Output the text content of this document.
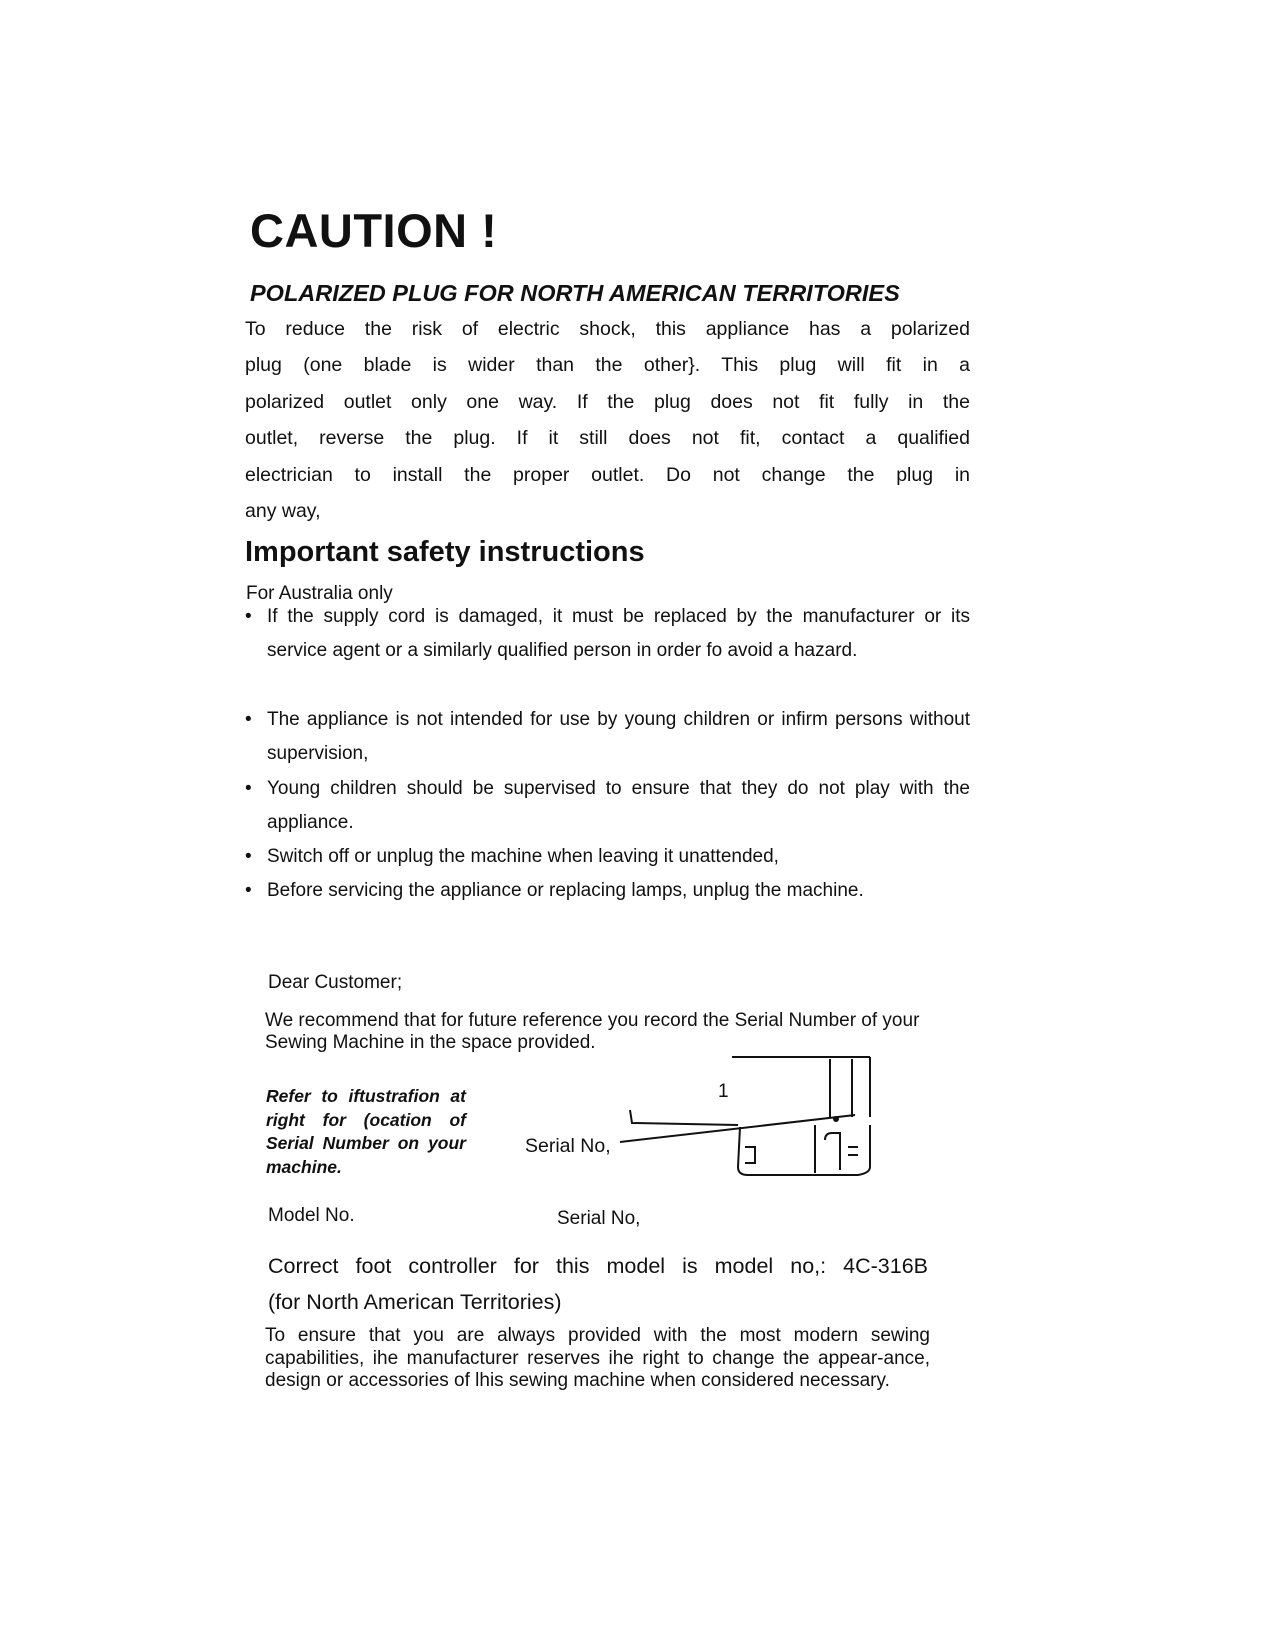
CAUTION !
POLARIZED PLUG FOR NORTH AMERICAN TERRITORIES
To reduce the risk of electric shock, this appliance has a polarized
plug (one blade is wider than the other}. This plug will fit in a
polarized outlet only one way. If the plug does not fit fully in the
outlet, reverse the plug. If it still does not fit, contact a qualified
electrician to install the proper outlet. Do not change the plug in
any way,
Important safety instructions
For Australia only
• If the supply cord is damaged, it must be replaced by the manufacturer or its service agent or a similarly qualified person in order fo avoid a hazard.
• The appliance is not intended for use by young children or infirm persons without supervision,
• Young children should be supervised to ensure that they do not play with the appliance.
• Switch off or unplug the machine when leaving it unattended,
• Before servicing the appliance or replacing lamps, unplug the machine.
Dear Customer;
We recommend that for future reference you record the Serial Number of your Sewing Machine in the space provided.
Refer to iftustrafion at right for (ocation of Serial Number on your machine.
Serial No,
1
Model No.	Serial No,
Correct foot controller for this model is model no,: 4C-316B
(for North American Territories)
To ensure that you are always provided with the most modern sewing capabilities, ihe manufacturer reserves ihe right to change the appear-ance, design or accessories of lhis sewing machine when considered necessary.
